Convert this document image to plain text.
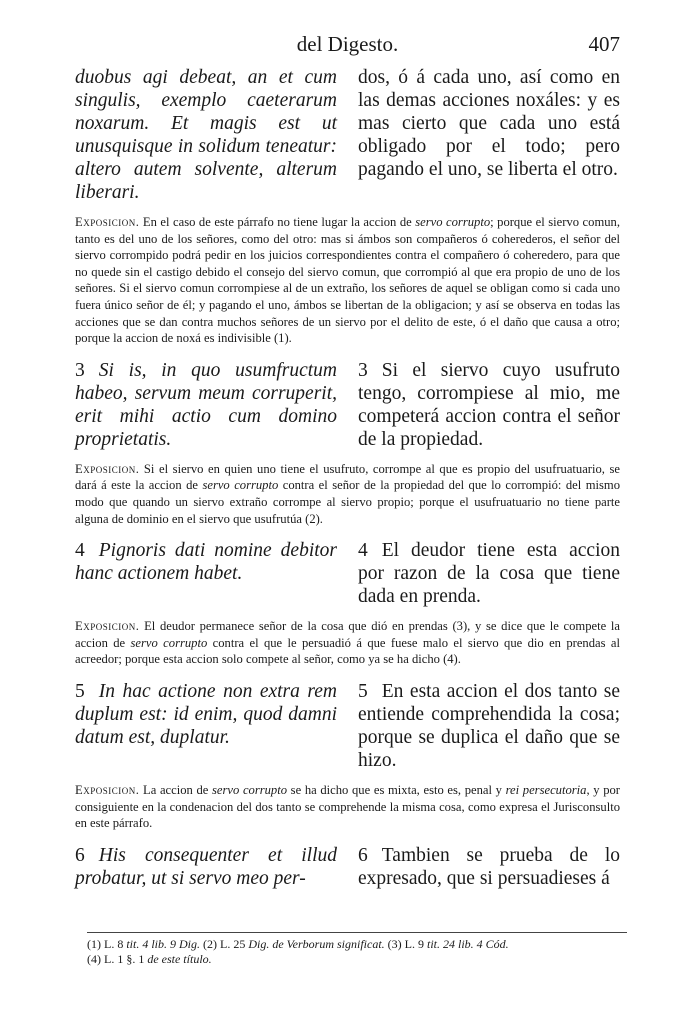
del Digesto.	407
duobus agi debeat, an et cum singulis, exemplo caeterarum noxarum. Et magis est ut unusquisque in solidum teneatur: altero autem solvente, alterum liberari.
dos, ó á cada uno, así como en las demas acciones noxáles: y es mas cierto que cada uno está obligado por el todo; pero pagando el uno, se liberta el otro.
Exposicion. En el caso de este párrafo no tiene lugar la accion de servo corrupto; porque el siervo comun, tanto es del uno de los señores, como del otro: mas si ámbos son compañeros ó coherederos, el señor del siervo corrompido podrá pedir en los juicios correspondientes contra el compañero ó coheredero, para que no quede sin el castigo debido el consejo del siervo comun, que corrompió al que era propio de uno de los señores. Si el siervo comun corrompiese al de un extraño, los señores de aquel se obligan como si cada uno fuera único señor de él; y pagando el uno, ámbos se libertan de la obligacion; y así se observa en todas las acciones que se dan contra muchos señores de un siervo por el delito de este, ó el daño que causa a otro; porque la accion de noxá es indivisible (1).
3 Si is, in quo usumfructum habeo, servum meum corruperit, erit mihi actio cum domino proprietatis.
3 Si el siervo cuyo usufruto tengo, corrompiese al mio, me competerá accion contra el señor de la propiedad.
Exposicion. Si el siervo en quien uno tiene el usufruto, corrompe al que es propio del usufruatuario, se dará á este la accion de servo corrupto contra el señor de la propiedad del que lo corrompió: del mismo modo que quando un siervo extraño corrompe al siervo propio; porque el usufruatuario no tiene parte alguna de dominio en el siervo que usufrutúa (2).
4 Pignoris dati nomine debitor hanc actionem habet.
4 El deudor tiene esta accion por razon de la cosa que tiene dada en prenda.
Exposicion. El deudor permanece señor de la cosa que dió en prendas (3), y se dice que le compete la accion de servo corrupto contra el que le persuadió á que fuese malo el siervo que dio en prendas al acreedor; porque esta accion solo compete al señor, como ya se ha dicho (4).
5 In hac actione non extra rem duplum est: id enim, quod damni datum est, duplatur.
5 En esta accion el dos tanto se entiende comprehendida la cosa; porque se duplica el daño que se hizo.
Exposicion. La accion de servo corrupto se ha dicho que es mixta, esto es, penal y rei persecutoria, y por consiguiente en la condenacion del dos tanto se comprehende la misma cosa, como expresa el Jurisconsulto en este párrafo.
6 His consequenter et illud probatur, ut si servo meo per-
6 Tambien se prueba de lo expresado, que si persuadieses á
(1) L. 8 tit. 4 lib. 9 Dig. (2) L. 25 Dig. de Verborum significat. (3) L. 9 tit. 24 lib. 4 Cód.
(4) L. 1 §. 1 de este título.
